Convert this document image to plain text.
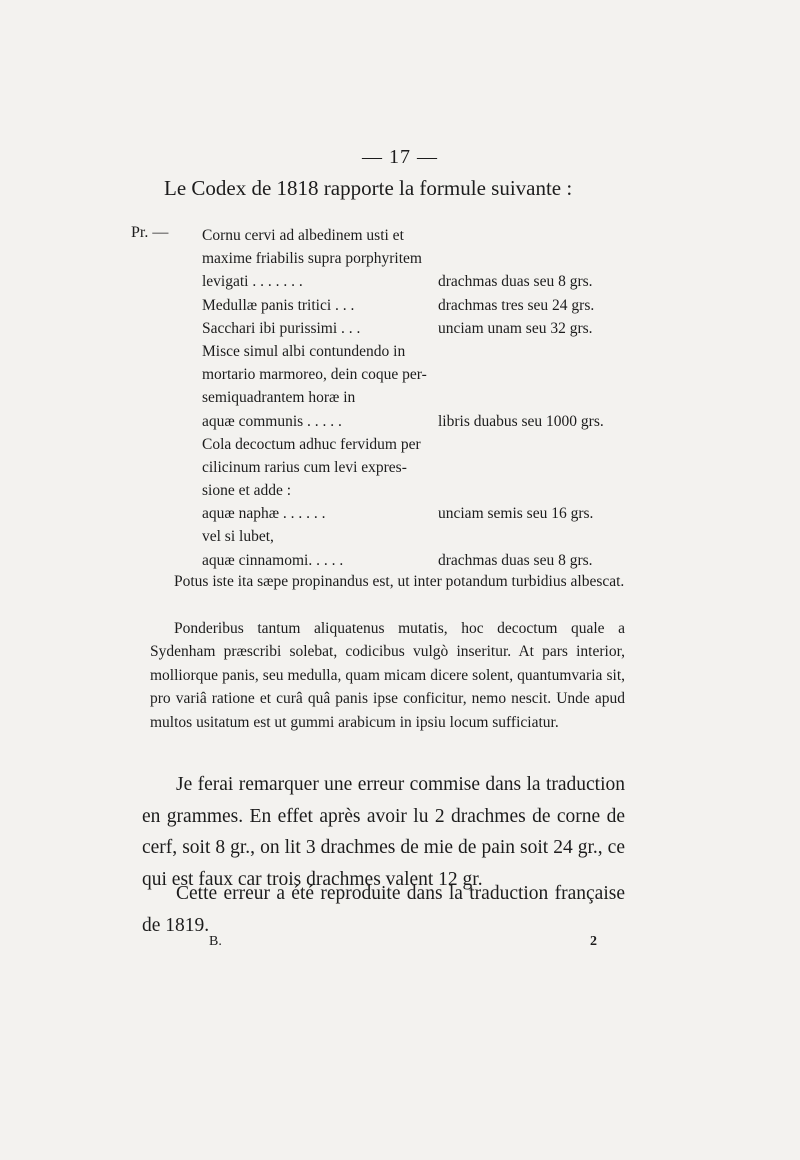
— 17 —
Le Codex de 1818 rapporte la formule suivante :
Pr. — Cornu cervi ad albedinem usti et
maxime friabilis supra porphyritem
levigati . . . . . . .	drachmas duas seu 8 grs.
Medullæ panis tritici . . .	drachmas tres seu 24 grs.
Sacchari ibi purissimi . . .	unciam unam seu 32 grs.
Misce simul albi contundendo in
mortario marmoreo, dein coque per-
semiquadrantem horæ in
aquæ communis . . . . .	libris duabus seu 1000 grs.
Cola decoctum adhuc fervidum per
cilicinum rarius cum levi expres-
sione et adde :
aquæ naphæ . . . . . .	unciam semis seu 16 grs.
vel si lubet,
aquæ cinnamomi. . . . .	drachmas duas seu 8 grs.
Potus iste ita sæpe propinandus est, ut inter potandum turbidius albescat.
Ponderibus tantum aliquatenus mutatis, hoc decoctum quale a Sydenham præscribi solebat, codicibus vulgò inseritur. At pars interior, molliorque panis, seu medulla, quam micam dicere solent, quantumvaria sit, pro variâ ratione et curâ quâ panis ipse conficitur, nemo nescit. Unde apud multos usitatum est ut gummi arabicum in ipsiu locum sufficiatur.
Je ferai remarquer une erreur commise dans la traduction en grammes. En effet après avoir lu 2 drachmes de corne de cerf, soit 8 gr., on lit 3 drachmes de mie de pain soit 24 gr., ce qui est faux car trois drachmes valent 12 gr.
Cette erreur a été reproduite dans la traduction française de 1819.
B.	2
